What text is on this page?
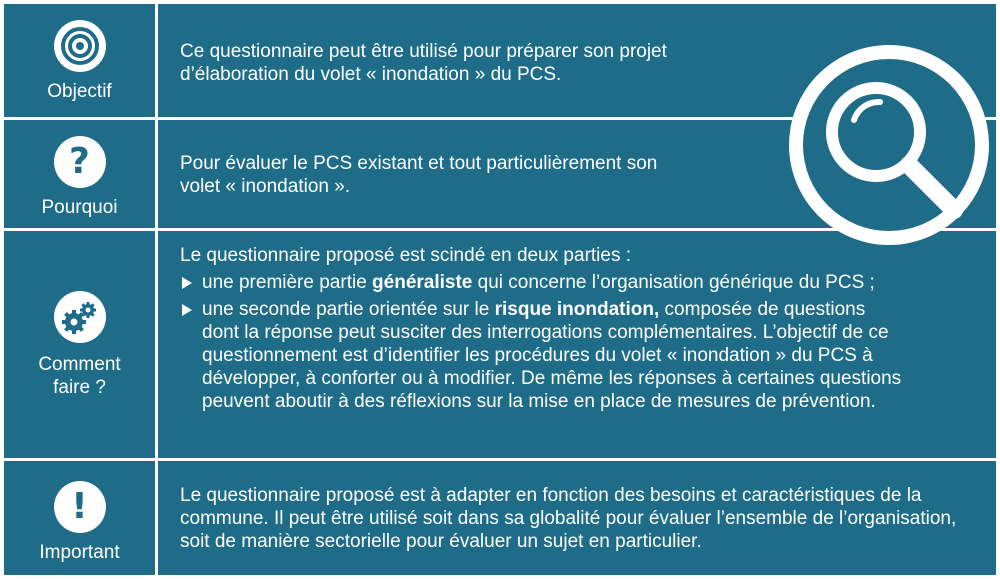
Objectif

Ce questionnaire peut être utilisé pour préparer son projet d’élaboration du volet « inondation » du PCS.

?
Pourquoi

Pour évaluer le PCS existant et tout particulièrement son volet « inondation ».

Comment
faire ?

Le questionnaire proposé est scindé en deux parties :

une première partie généraliste qui concerne l’organisation générique du PCS ;
une seconde partie orientée sur le risque inondation, composée de questions dont la réponse peut susciter des interrogations complémentaires. L’objectif de ce questionnement est d’identifier les procédures du volet « inondation » du PCS à développer, à conforter ou à modifier. De même les réponses à certaines questions peuvent aboutir à des réflexions sur la mise en place de mesures de prévention.
!
Important

Le questionnaire proposé est à adapter en fonction des besoins et caractéristiques de la commune. Il peut être utilisé soit dans sa globalité pour évaluer l’ensemble de l’organisation, soit de manière sectorielle pour évaluer un sujet en particulier.
